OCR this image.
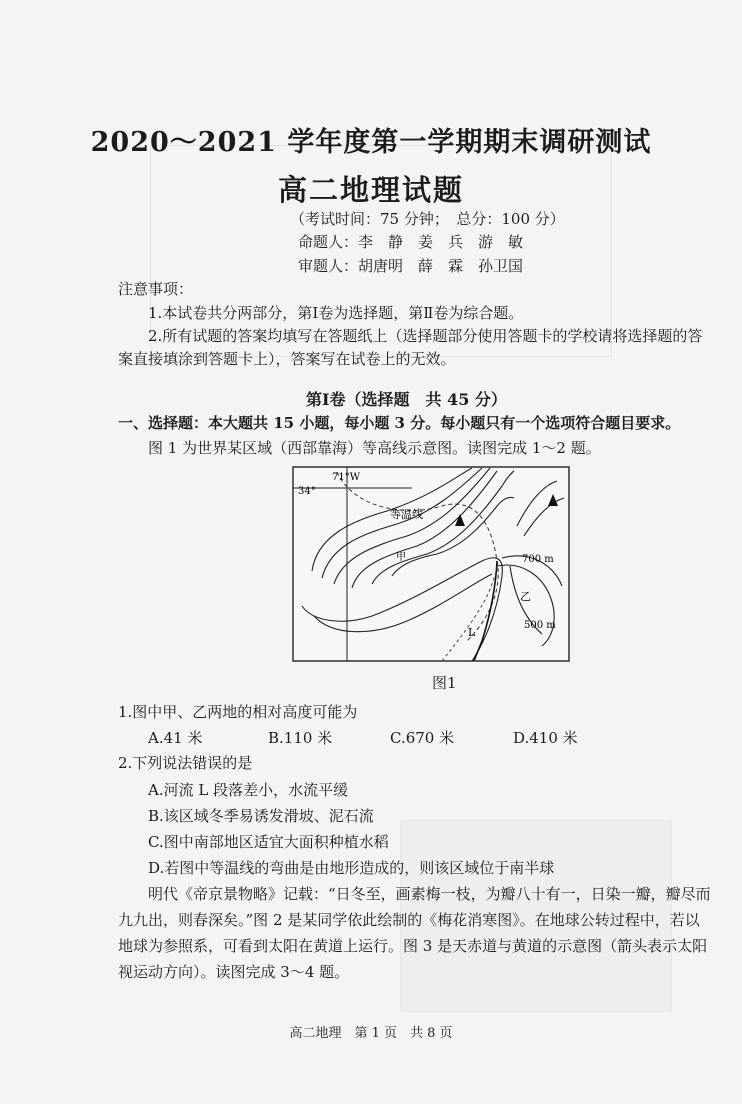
2020～2021 学年度第一学期期末调研测试
高二地理试题
（考试时间：75 分钟；　总分：100 分）
命题人：李　静　姜　兵　游　敏
审题人：胡唐明　薛　霖　孙卫国
注意事项：
1.本试卷共分两部分，第Ⅰ卷为选择题，第Ⅱ卷为综合题。
2.所有试题的答案均填写在答题纸上（选择题部分使用答题卡的学校请将选择题的答
案直接填涂到答题卡上），答案写在试卷上的无效。
第Ⅰ卷（选择题　共 45 分）
一、选择题：本大题共 15 小题，每小题 3 分。每小题只有一个选项符合题目要求。
图 1 为世界某区域（西部靠海）等高线示意图。读图完成 1～2 题。
71°W
34°
等温线
甲
乙
700 m
500 m
L
图1
1.图中甲、乙两地的相对高度可能为
A.41 米	B.110 米	C.670 米	D.410 米
2.下列说法错误的是
A.河流 L 段落差小，水流平缓
B.该区域冬季易诱发滑坡、泥石流
C.图中南部地区适宜大面积种植水稻
D.若图中等温线的弯曲是由地形造成的，则该区域位于南半球
明代《帝京景物略》记载：“日冬至，画素梅一枝，为瓣八十有一，日染一瓣，瓣尽而
九九出，则春深矣。”图 2 是某同学依此绘制的《梅花消寒图》。在地球公转过程中，若以
地球为参照系，可看到太阳在黄道上运行。图 3 是天赤道与黄道的示意图（箭头表示太阳
视运动方向）。读图完成 3～4 题。
高二地理　第 1 页　共 8 页
